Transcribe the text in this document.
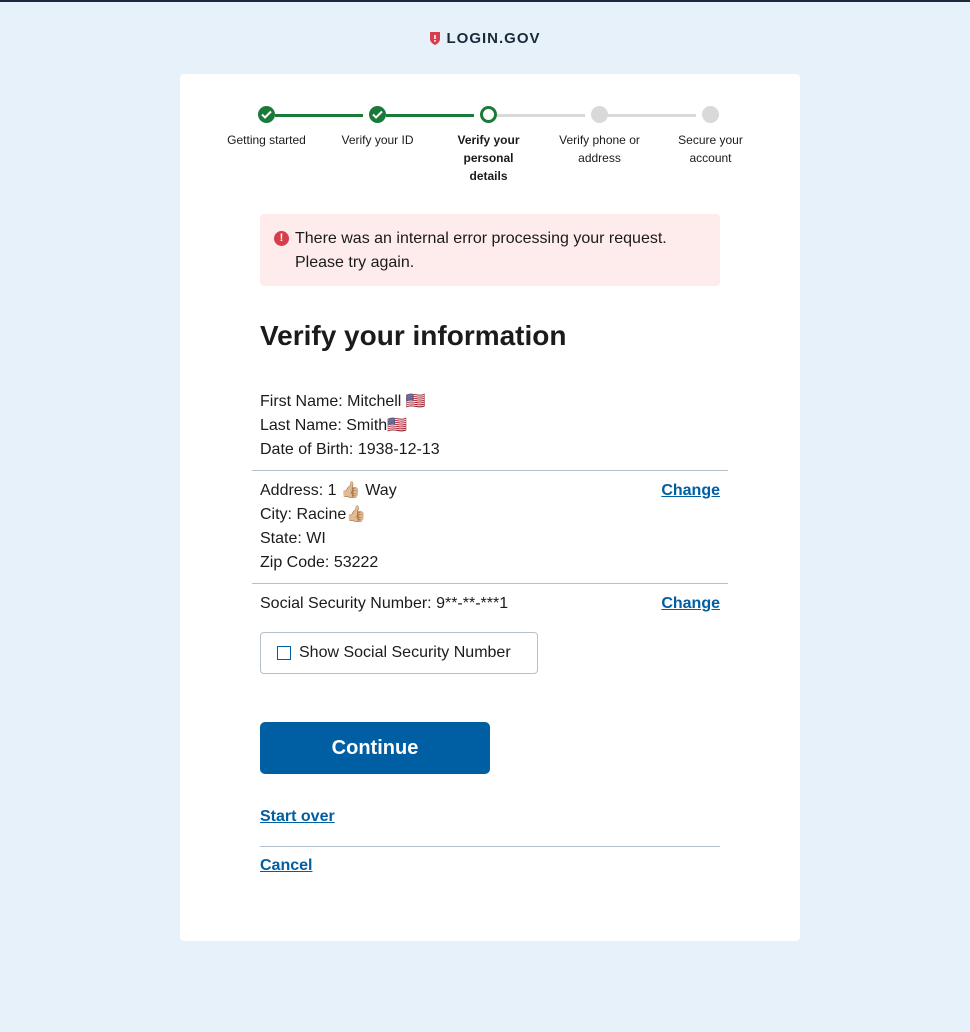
LOGIN.GOV
Getting started	Verify your ID	Verify your personal details
Verify phone or address
Secure your account
! There was an internal error processing your request. Please try again.
Verify your information
First Name: Mitchell 🇺🇸
Last Name: Smith🇺🇸
Date of Birth: 1938-12-13
Address: 1 👍🏼 Way
City: Racine👍🏼
State: WI
Zip Code: 53222
Change
Social Security Number: 9**-**-***1	Change
Show Social Security Number
Continue
Start over
Cancel
